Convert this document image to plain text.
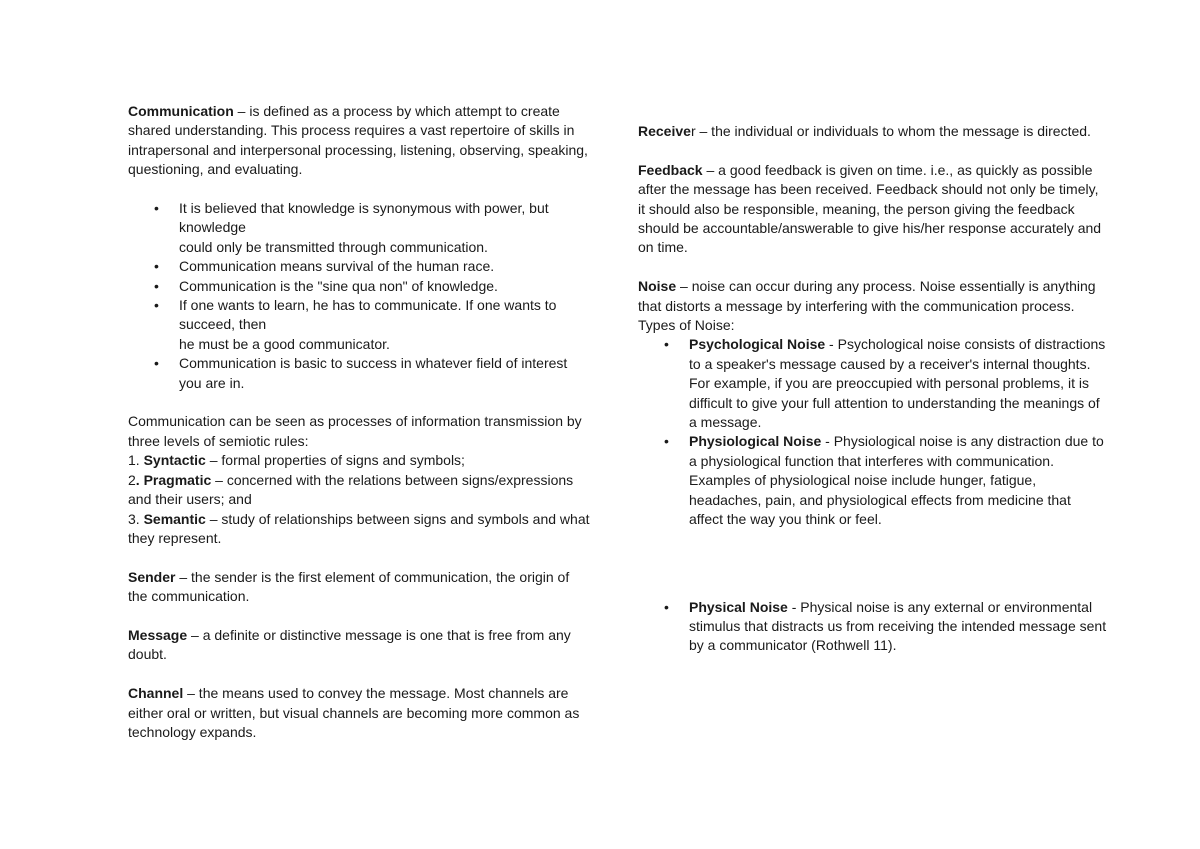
Communication – is defined as a process by which attempt to create shared understanding. This process requires a vast repertoire of skills in intrapersonal and interpersonal processing, listening, observing, speaking, questioning, and evaluating.

• It is believed that knowledge is synonymous with power, but knowledge
could only be transmitted through communication.
• Communication means survival of the human race.
• Communication is the "sine qua non" of knowledge.
• If one wants to learn, he has to communicate. If one wants to succeed, then
he must be a good communicator.
• Communication is basic to success in whatever field of interest you are in.

Communication can be seen as processes of information transmission by three levels of semiotic rules:

1. Syntactic – formal properties of signs and symbols;

2. Pragmatic – concerned with the relations between signs/expressions and their users; and

3. Semantic – study of relationships between signs and symbols and what they represent.

Sender – the sender is the first element of communication, the origin of the communication.

Message – a definite or distinctive message is one that is free from any doubt.

Channel – the means used to convey the message. Most channels are either oral or written, but visual channels are becoming more common as technology expands.

Receiver – the individual or individuals to whom the message is directed.

Feedback – a good feedback is given on time. i.e., as quickly as possible after the message has been received. Feedback should not only be timely, it should also be responsible, meaning, the person giving the feedback should be accountable/answerable to give his/her response accurately and on time.

Noise – noise can occur during any process. Noise essentially is anything that distorts a message by interfering with the communication process.

Types of Noise:

• Psychological Noise - Psychological noise consists of distractions to a speaker's message caused by a receiver's internal thoughts. For example, if you are preoccupied with personal problems, it is difficult to give your full attention to understanding the meanings of a message.
• Physiological Noise - Physiological noise is any distraction due to a physiological function that interferes with communication. Examples of physiological noise include hunger, fatigue, headaches, pain, and physiological effects from medicine that affect the way you think or feel.
• Physical Noise - Physical noise is any external or environmental stimulus that distracts us from receiving the intended message sent by a communicator (Rothwell 11).
